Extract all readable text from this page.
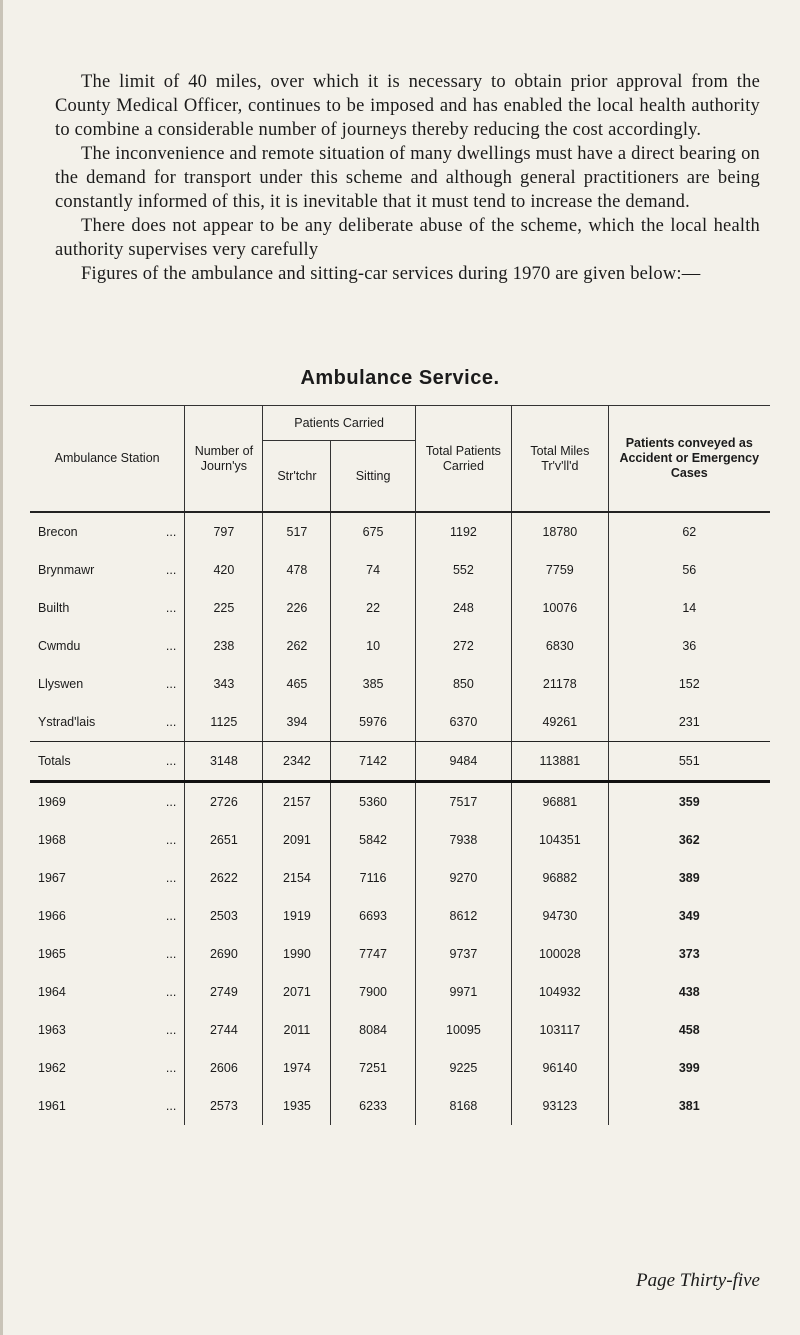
The limit of 40 miles, over which it is necessary to obtain prior approval from the County Medical Officer, continues to be imposed and has enabled the local health authority to combine a considerable number of journeys thereby reducing the cost accordingly.

The inconvenience and remote situation of many dwellings must have a direct bearing on the demand for transport under this scheme and although general practitioners are being constantly informed of this, it is inevitable that it must tend to increase the demand.

There does not appear to be any deliberate abuse of the scheme, which the local health authority supervises very carefully

Figures of the ambulance and sitting-car services during 1970 are given below:—

Ambulance Service.
Ambulance Station	Number of Journ'ys	Patients Carried		Total Patients Carried	Total Miles Tr'v'll'd	Patients conveyed as Accident or Emergency Cases
		Str'tchr	Sitting			
Brecon ...	797	517	675	1192	18780	62
Brynmawr ...	420	478	74	552	7759	56
Builth ...	225	226	22	248	10076	14
Cwmdu ...	238	262	10	272	6830	36
Llyswen ...	343	465	385	850	21178	152
Ystrad'lais ...	1125	394	5976	6370	49261	231
Totals ...	3148	2342	7142	9484	113881	551
1969 ...	2726	2157	5360	7517	96881	359
1968 ...	2651	2091	5842	7938	104351	362
1967 ...	2622	2154	7116	9270	96882	389
1966 ...	2503	1919	6693	8612	94730	349
1965 ...	2690	1990	7747	9737	100028	373
1964 ...	2749	2071	7900	9971	104932	438
1963 ...	2744	2011	8084	10095	103117	458
1962 ...	2606	1974	7251	9225	96140	399
1961 ...	2573	1935	6233	8168	93123	381
Page Thirty-five
